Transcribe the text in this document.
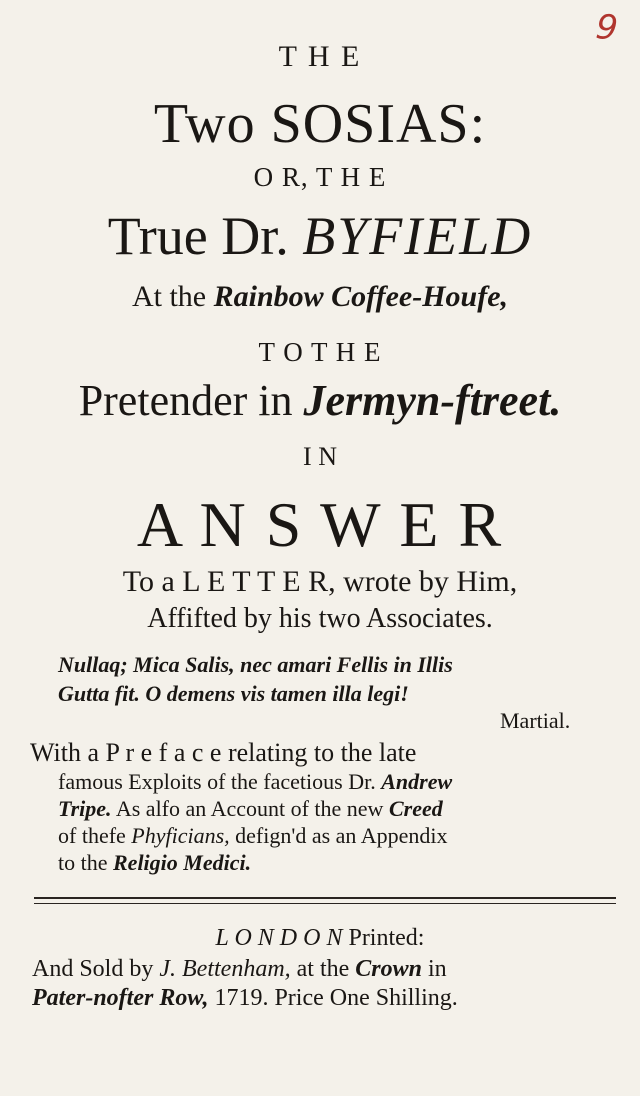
9
T H E
Two SOSIAS:
O R, T H E
True Dr. BYFIELD
At the Rainbow Coffee-Houfe,
T O T H E
Pretender in Jermyn-ftreet.
I N
A N S W E R
To a L E T T E R, wrote by Him,
Affifted by his two Associates.
Nullaq; Mica Salis, nec amari Fellis in Illis
Gutta fit. O demens vis tamen illa legi!
Martial.
With a P r e f a c e relating to the late
famous Exploits of the facetious Dr. Andrew
Tripe. As alfo an Account of the new Creed
of thefe Phyficians, defign'd as an Appendix
to the Religio Medici.
L O N D O N Printed:
And Sold by J. Bettenham, at the Crown in
Pater-nofter Row, 1719. Price One Shilling.
